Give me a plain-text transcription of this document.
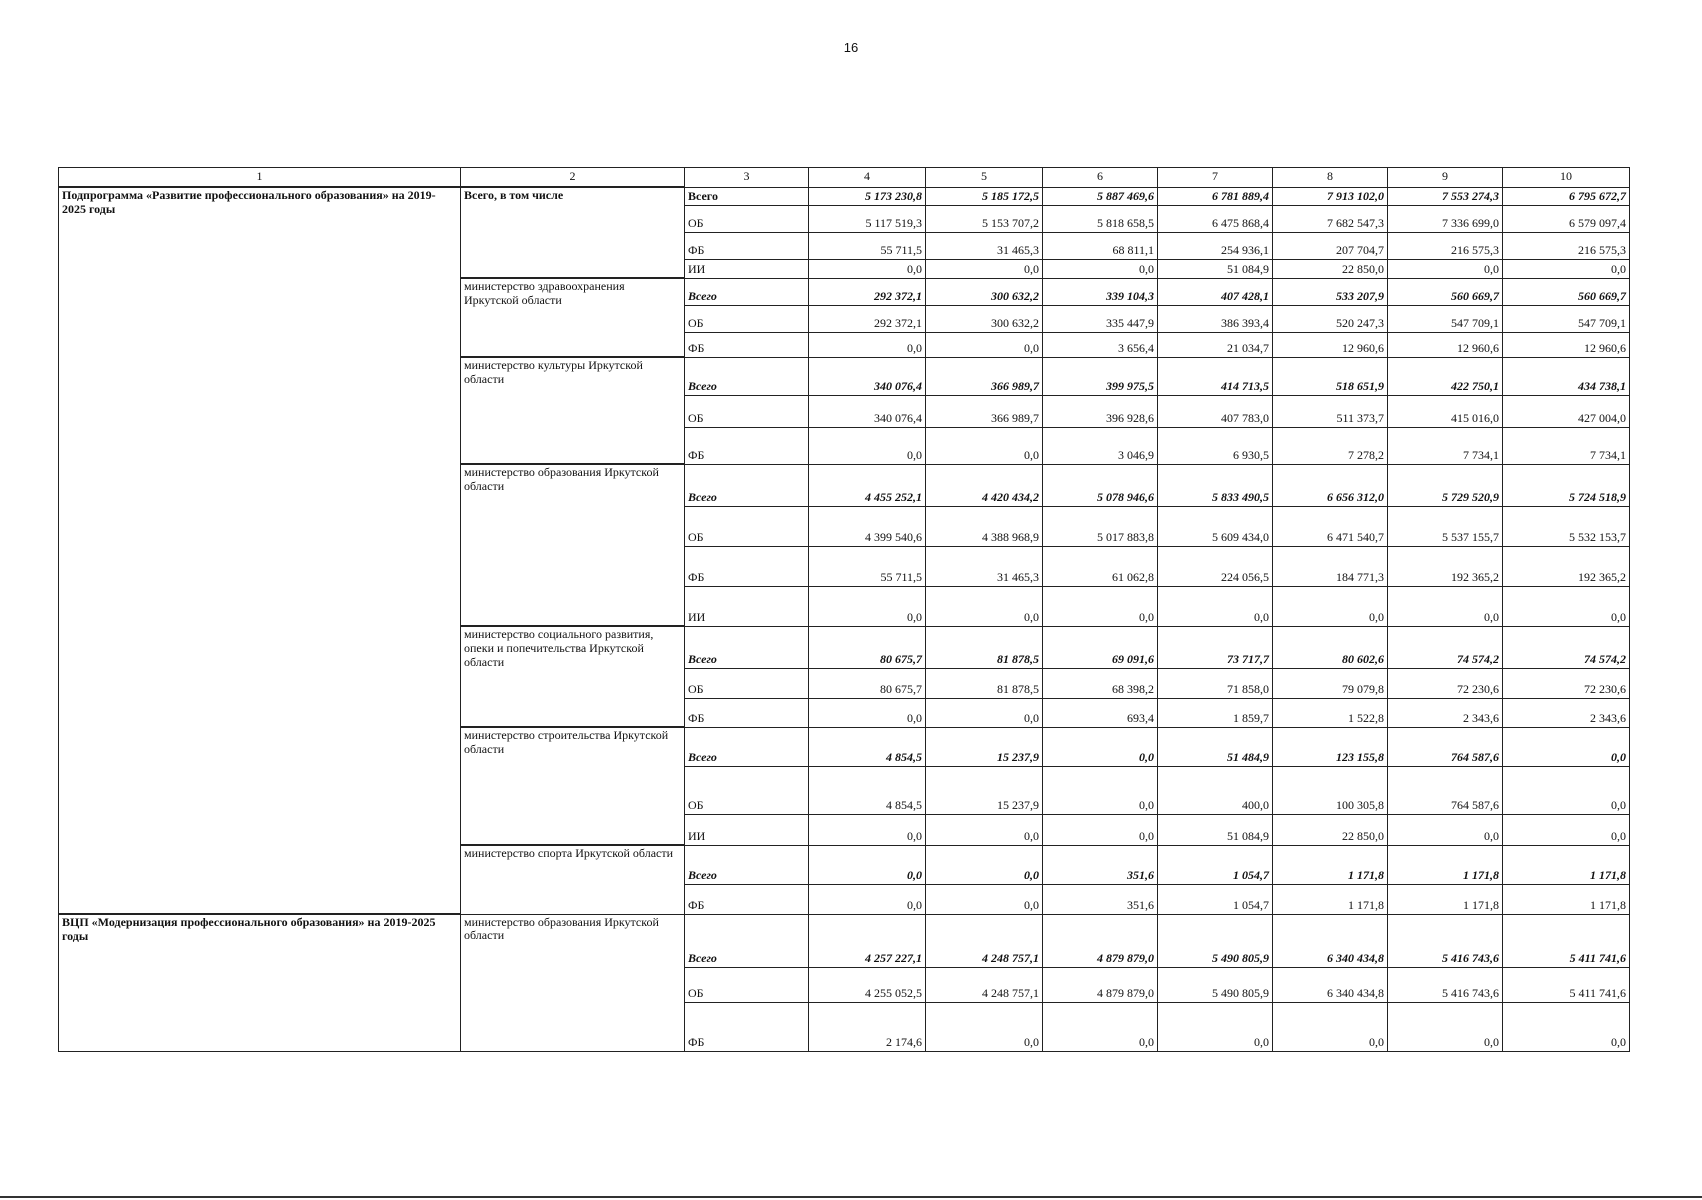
16
1	2	3	4	5	6	7	8	9	10
Подпрограмма «Развитие профессионального образования» на 2019-2025 годы	Всего, в том числе	Всего	5 173 230,8	5 185 172,5	5 887 469,6	6 781 889,4	7 913 102,0	7 553 274,3	6 795 672,7
		ОБ	5 117 519,3	5 153 707,2	5 818 658,5	6 475 868,4	7 682 547,3	7 336 699,0	6 579 097,4
		ФБ	55 711,5	31 465,3	68 811,1	254 936,1	207 704,7	216 575,3	216 575,3
		ИИ	0,0	0,0	0,0	51 084,9	22 850,0	0,0	0,0
	министерство здравоохранения Иркутской области	Всего	292 372,1	300 632,2	339 104,3	407 428,1	533 207,9	560 669,7	560 669,7
		ОБ	292 372,1	300 632,2	335 447,9	386 393,4	520 247,3	547 709,1	547 709,1
		ФБ	0,0	0,0	3 656,4	21 034,7	12 960,6	12 960,6	12 960,6
	министерство культуры Иркутской области	Всего	340 076,4	366 989,7	399 975,5	414 713,5	518 651,9	422 750,1	434 738,1
		ОБ	340 076,4	366 989,7	396 928,6	407 783,0	511 373,7	415 016,0	427 004,0
		ФБ	0,0	0,0	3 046,9	6 930,5	7 278,2	7 734,1	7 734,1
	министерство образования Иркутской области	Всего	4 455 252,1	4 420 434,2	5 078 946,6	5 833 490,5	6 656 312,0	5 729 520,9	5 724 518,9
		ОБ	4 399 540,6	4 388 968,9	5 017 883,8	5 609 434,0	6 471 540,7	5 537 155,7	5 532 153,7
		ФБ	55 711,5	31 465,3	61 062,8	224 056,5	184 771,3	192 365,2	192 365,2
		ИИ	0,0	0,0	0,0	0,0	0,0	0,0	0,0
	министерство социального развития, опеки и попечительства Иркутской области	Всего	80 675,7	81 878,5	69 091,6	73 717,7	80 602,6	74 574,2	74 574,2
		ОБ	80 675,7	81 878,5	68 398,2	71 858,0	79 079,8	72 230,6	72 230,6
		ФБ	0,0	0,0	693,4	1 859,7	1 522,8	2 343,6	2 343,6
	министерство строительства Иркутской области	Всего	4 854,5	15 237,9	0,0	51 484,9	123 155,8	764 587,6	0,0
		ОБ	4 854,5	15 237,9	0,0	400,0	100 305,8	764 587,6	0,0
		ИИ	0,0	0,0	0,0	51 084,9	22 850,0	0,0	0,0
	министерство спорта Иркутской области	Всего	0,0	0,0	351,6	1 054,7	1 171,8	1 171,8	1 171,8
		ФБ	0,0	0,0	351,6	1 054,7	1 171,8	1 171,8	1 171,8
ВЦП «Модернизация профессионального образования» на 2019-2025 годы	министерство образования Иркутской области	Всего	4 257 227,1	4 248 757,1	4 879 879,0	5 490 805,9	6 340 434,8	5 416 743,6	5 411 741,6
		ОБ	4 255 052,5	4 248 757,1	4 879 879,0	5 490 805,9	6 340 434,8	5 416 743,6	5 411 741,6
		ФБ	2 174,6	0,0	0,0	0,0	0,0	0,0	0,0
